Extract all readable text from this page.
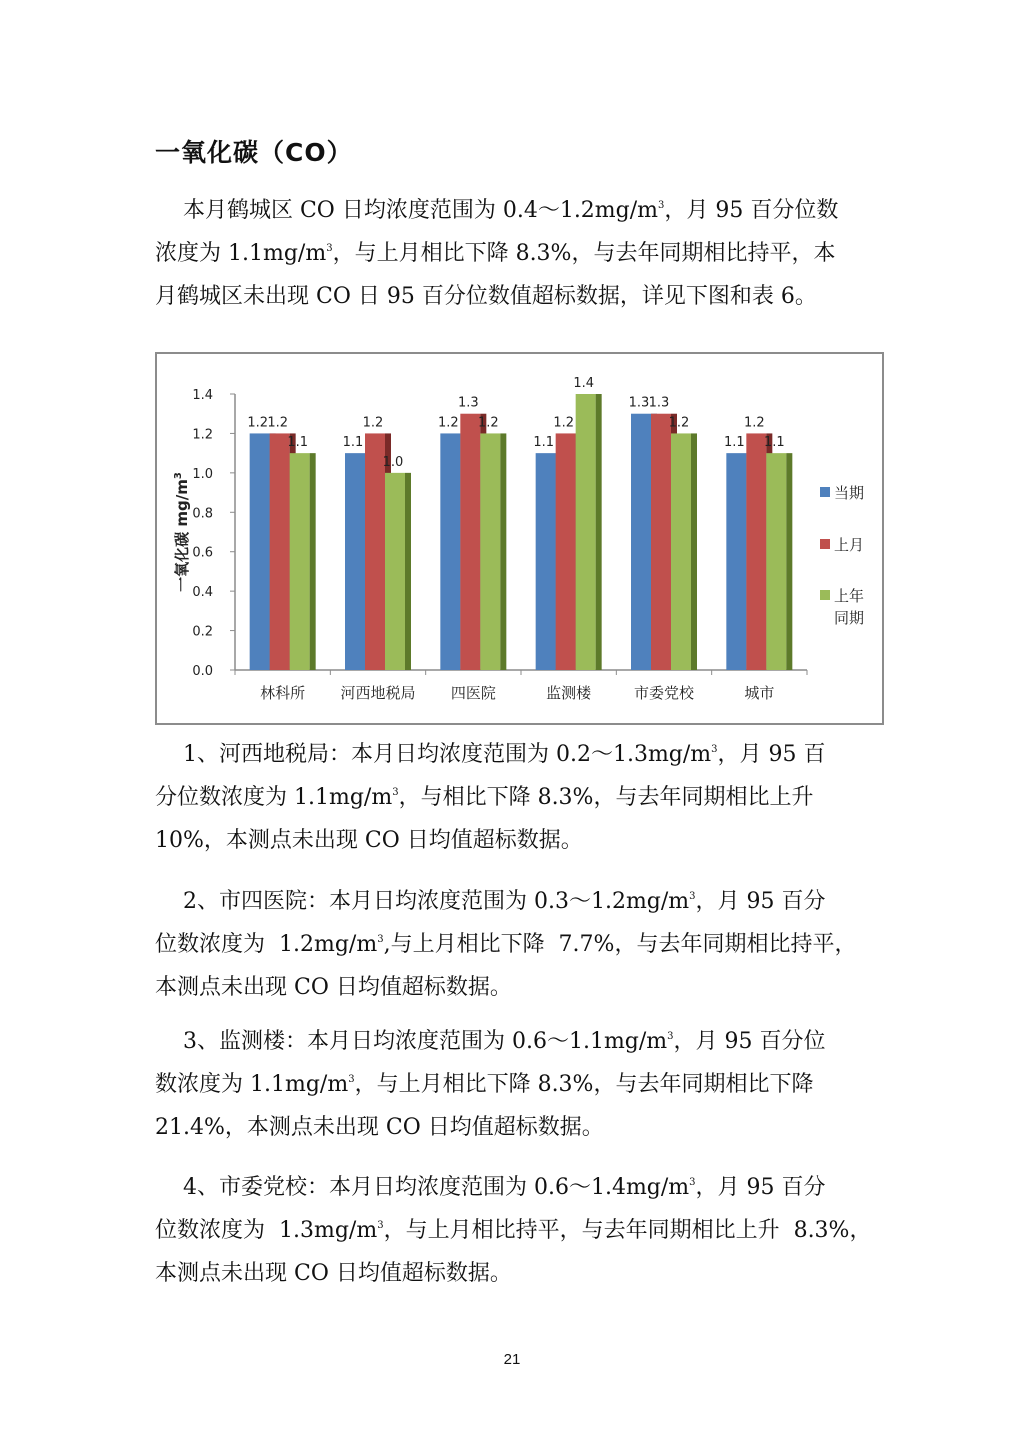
一氧化碳（CO）
本月鹤城区 CO 日均浓度范围为 $0.4\sim 1.2mg/m^3$，月 95 百分位数
浓度为 $1.1mg/m^3$，与上月相比下降 8.3%，与去年同期相比持平，本
月鹤城区未出现 CO 日 95 百分位数值超标数据，详见下图和表 6。
0.0
0.2
0.4
0.6
0.8
1.0
1.2
1.4
一氧化碳 $mg/m^3$
1.2 1.2
1.1
林科所
1.1
1.2
1.0
河西地税局
1.2
1.3
1.2
四医院
1.1
1.2
1.4
监测楼
1.3 1.3
1.2
市委党校
1.1
1.2
1.1
城市
当期
上月
上年
同期
1、河西地税局：本月日均浓度范围为 $0.2\sim 1.3mg/m^3$，月 95 百
分位数浓度为 $1.1mg/m^3$，与相比下降 8.3%，与去年同期相比上升
10%，本测点未出现 CO 日均值超标数据。
2、市四医院：本月日均浓度范围为 $0.3\sim 1.2mg/m^3$，月 95 百分
位数浓度为  $1.2mg/m^3$,与上月相比下降  7.7%，与去年同期相比持平，
本测点未出现 CO 日均值超标数据。
3、监测楼：本月日均浓度范围为 $0.6\sim 1.1mg/m^3$，月 95 百分位
数浓度为 $1.1mg/m^3$，与上月相比下降 8.3%，与去年同期相比下降
21.4%，本测点未出现 CO 日均值超标数据。
4、市委党校：本月日均浓度范围为 $0.6\sim 1.4mg/m^3$，月 95 百分
位数浓度为  $1.3mg/m^3$，与上月相比持平，与去年同期相比上升  8.3%，
本测点未出现 CO 日均值超标数据。
21
